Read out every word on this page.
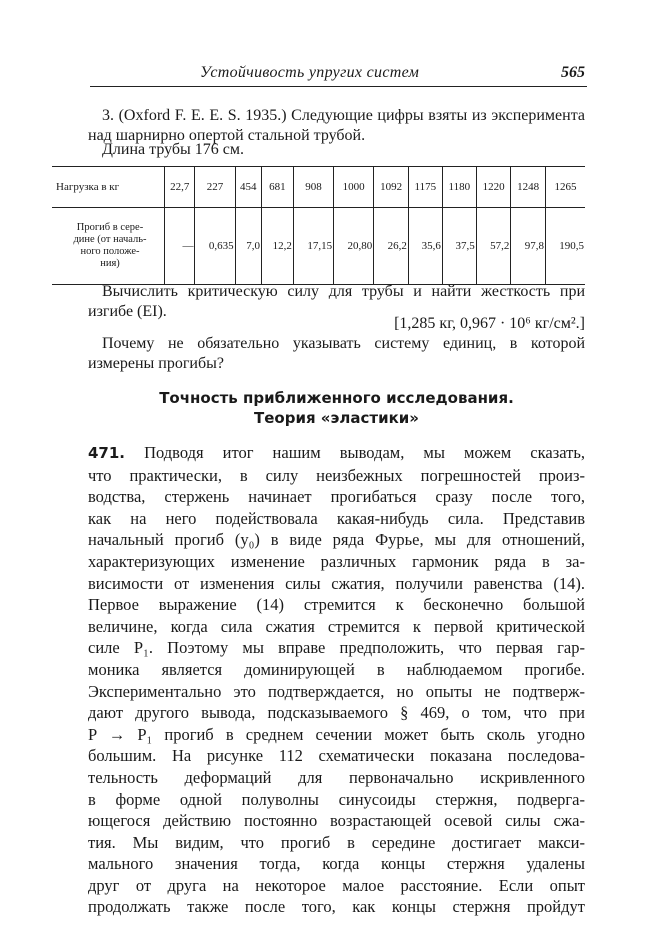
Устойчивость упругих систем	565
3. (Oxford F. E. E. S. 1935.) Следующие цифры взяты из эксперимента над шарнирно опертой стальной трубой.
Длина трубы 176 см.
Нагрузка в кг	22,7	227	454	681	908	1000	1092	1175	1180	1220	1248	1265

Прогиб в сере-
дине (от началь-
ного положе-
ния)	—	0,635	7,0	12,2	17,15	20,80	26,2	35,6	37,5	57,2	97,8	190,5
Вычислить критическую силу для трубы и найти жесткость при изгибе (EI).
[1,285 кг, 0,967 · 10⁶ кг/см².]
Почему не обязательно указывать систему единиц, в которой измерены прогибы?
Точность приближенного исследования.
Теория «эластики»
471. Подводя итог нашим выводам, мы можем сказать,
что практически, в силу неизбежных погрешностей произ-
водства, стержень начинает прогибаться сразу после того,
как на него подействовала какая-нибудь сила. Представив
начальный прогиб (y₀) в виде ряда Фурье, мы для отношений,
характеризующих изменение различных гармоник ряда в за-
висимости от изменения силы сжатия, получили равенства (14).
Первое выражение (14) стремится к бесконечно большой
величине, когда сила сжатия стремится к первой критической
силе P₁. Поэтому мы вправе предположить, что первая гар-
моника является доминирующей в наблюдаемом прогибе.
Экспериментально это подтверждается, но опыты не подтверж-
дают другого вывода, подсказываемого § 469, о том, что при
P → P₁ прогиб в среднем сечении может быть сколь угодно
большим. На рисунке 112 схематически показана последова-
тельность деформаций для первоначально искривленного
в форме одной полуволны синусоиды стержня, подверга-
ющегося действию постоянно возрастающей осевой силы сжа-
тия. Мы видим, что прогиб в середине достигает макси-
мального значения тогда, когда концы стержня удалены
друг от друга на некоторое малое расстояние. Если опыт
продолжать также после того, как концы стержня пройдут
